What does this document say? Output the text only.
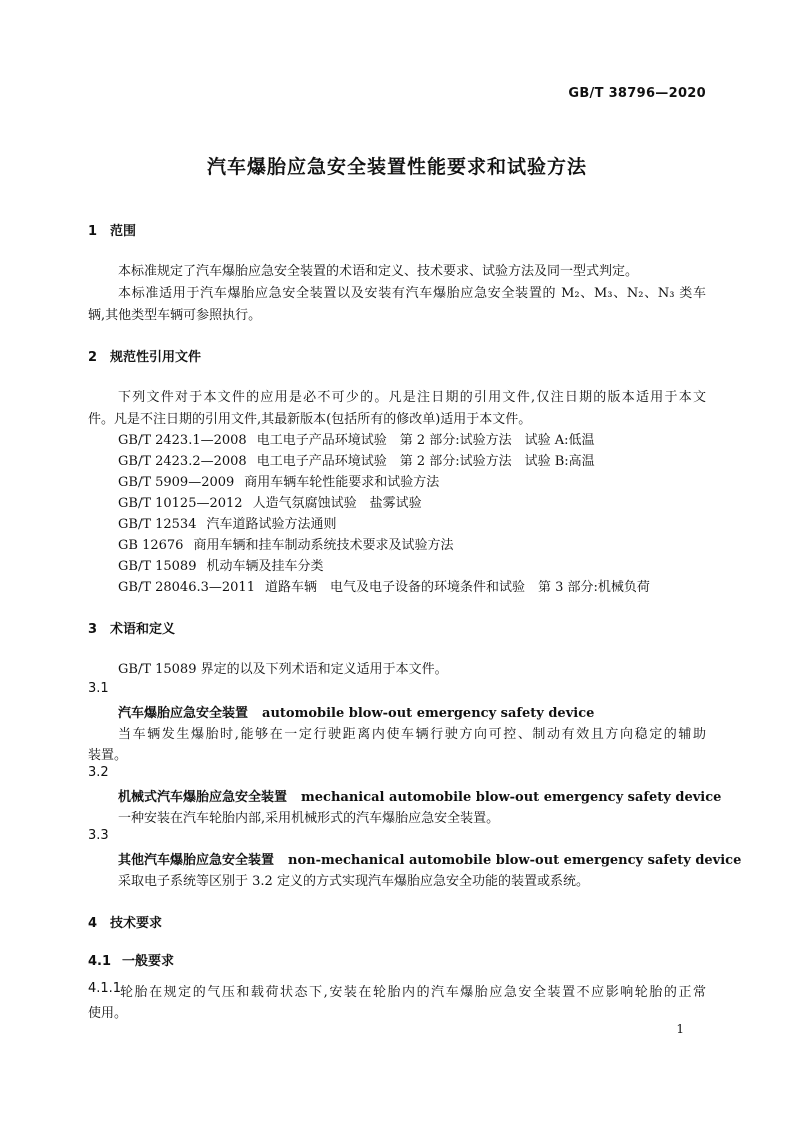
GB/T 38796—2020
汽车爆胎应急安全装置性能要求和试验方法
1 范围
本标准规定了汽车爆胎应急安全装置的术语和定义、技术要求、试验方法及同一型式判定。
本标准适用于汽车爆胎应急安全装置以及安装有汽车爆胎应急安全装置的 M₂、M₃、N₂、N₃ 类车
辆,其他类型车辆可参照执行。
2 规范性引用文件
下列文件对于本文件的应用是必不可少的。凡是注日期的引用文件,仅注日期的版本适用于本文
件。凡是不注日期的引用文件,其最新版本(包括所有的修改单)适用于本文件。
GB/T 2423.1—2008 电工电子产品环境试验　第 2 部分:试验方法　试验 A:低温
GB/T 2423.2—2008 电工电子产品环境试验　第 2 部分:试验方法　试验 B:高温
GB/T 5909—2009 商用车辆车轮性能要求和试验方法
GB/T 10125—2012 人造气氛腐蚀试验　盐雾试验
GB/T 12534 汽车道路试验方法通则
GB 12676 商用车辆和挂车制动系统技术要求及试验方法
GB/T 15089 机动车辆及挂车分类
GB/T 28046.3—2011 道路车辆　电气及电子设备的环境条件和试验　第 3 部分:机械负荷
3 术语和定义
GB/T 15089 界定的以及下列术语和定义适用于本文件。
3.1
汽车爆胎应急安全装置 automobile blow-out emergency safety device
当车辆发生爆胎时,能够在一定行驶距离内使车辆行驶方向可控、制动有效且方向稳定的辅助
装置。
3.2
机械式汽车爆胎应急安全装置 mechanical automobile blow-out emergency safety device
一种安装在汽车轮胎内部,采用机械形式的汽车爆胎应急安全装置。
3.3
其他汽车爆胎应急安全装置 non-mechanical automobile blow-out emergency safety device
采取电子系统等区别于 3.2 定义的方式实现汽车爆胎应急安全功能的装置或系统。
4 技术要求
4.1 一般要求
4.1.1
轮胎在规定的气压和载荷状态下,安装在轮胎内的汽车爆胎应急安全装置不应影响轮胎的正常
使用。
1
